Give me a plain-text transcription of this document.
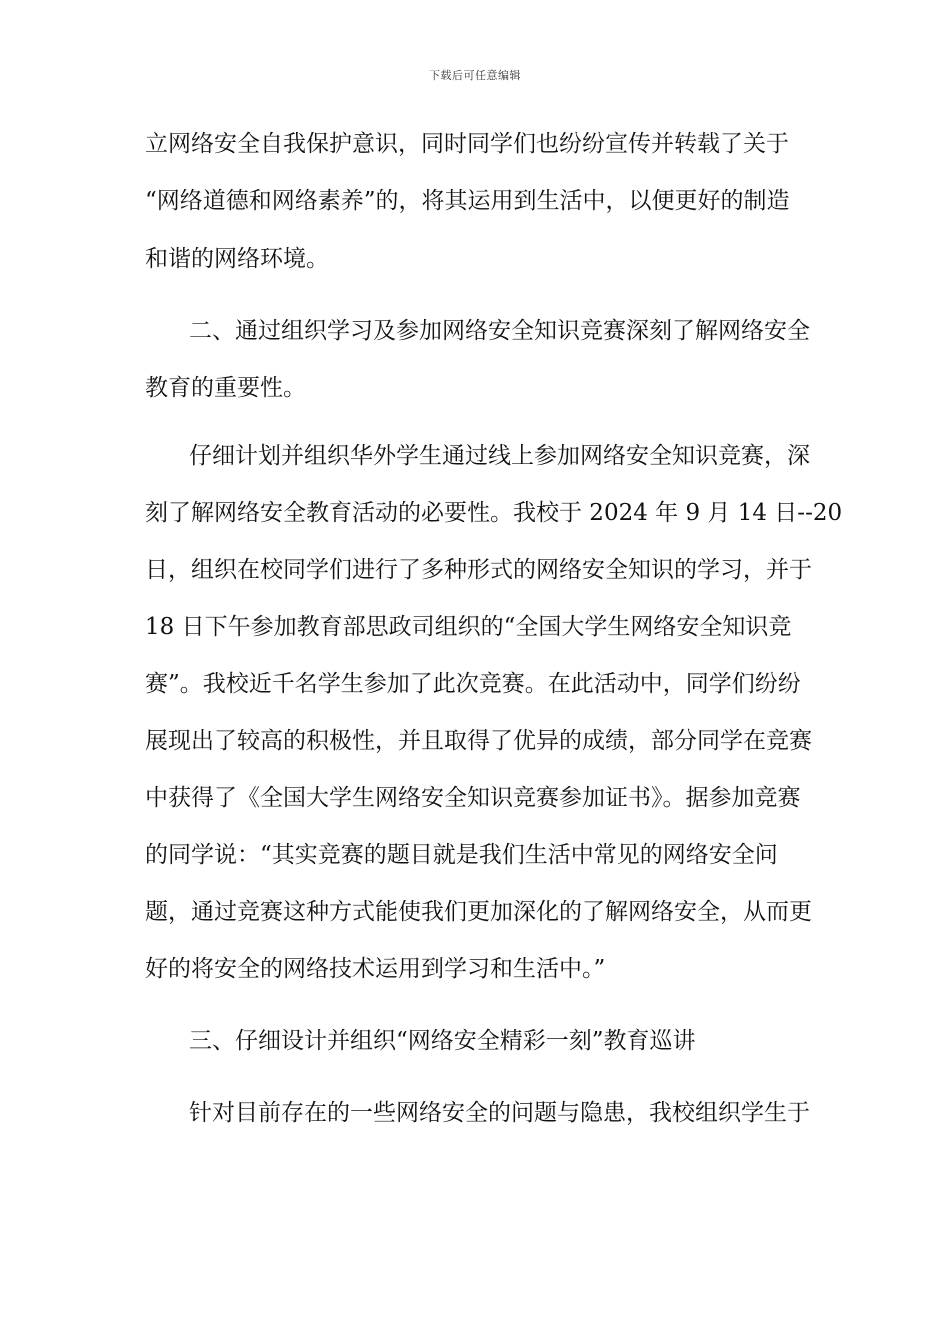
下载后可任意编辑
立网络安全自我保护意识，同时同学们也纷纷宣传并转载了关于
“网络道德和网络素养”的，将其运用到生活中，以便更好的制造
和谐的网络环境。
二、通过组织学习及参加网络安全知识竞赛深刻了解网络安全
教育的重要性。
仔细计划并组织华外学生通过线上参加网络安全知识竞赛，深
刻了解网络安全教育活动的必要性。我校于 2024 年 9 月 14 日--20
日，组织在校同学们进行了多种形式的网络安全知识的学习，并于
18 日下午参加教育部思政司组织的“全国大学生网络安全知识竞
赛”。我校近千名学生参加了此次竞赛。在此活动中，同学们纷纷
展现出了较高的积极性，并且取得了优异的成绩，部分同学在竞赛
中获得了《全国大学生网络安全知识竞赛参加证书》。据参加竞赛
的同学说：“其实竞赛的题目就是我们生活中常见的网络安全问
题，通过竞赛这种方式能使我们更加深化的了解网络安全，从而更
好的将安全的网络技术运用到学习和生活中。”
三、仔细设计并组织“网络安全精彩一刻”教育巡讲
针对目前存在的一些网络安全的问题与隐患，我校组织学生于
